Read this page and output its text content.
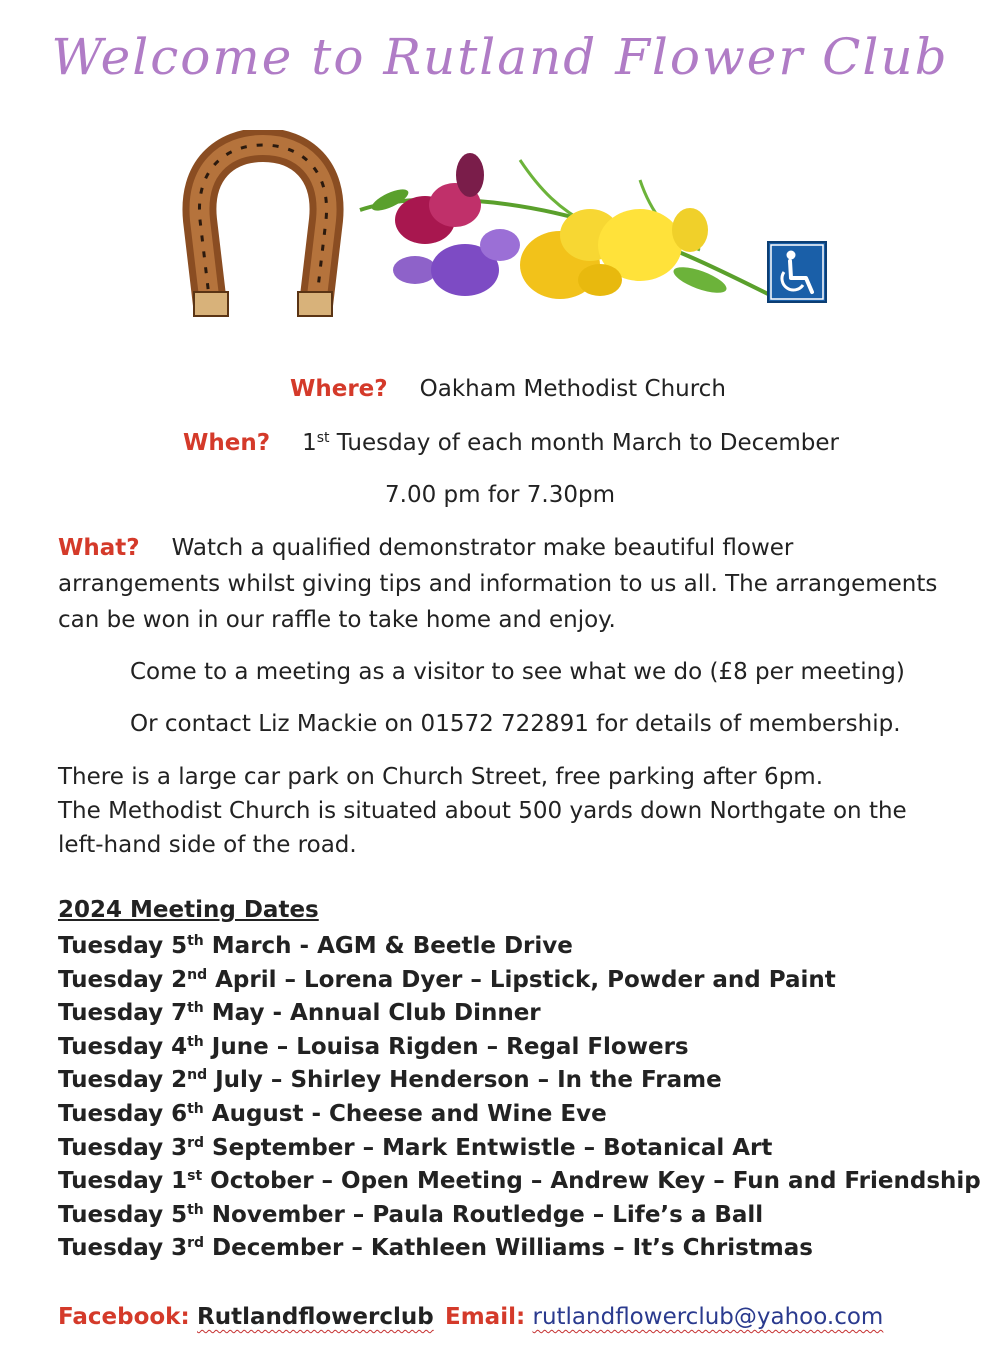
Welcome to Rutland Flower Club

Where? Oakham Methodist Church

When? 1st Tuesday of each month March to December

7.00 pm for 7.30pm

What? Watch a qualified demonstrator make beautiful flower arrangements whilst giving tips and information to us all. The arrangements can be won in our raffle to take home and enjoy.

Come to a meeting as a visitor to see what we do (£8 per meeting)

Or contact Liz Mackie on 01572 722891 for details of membership.

There is a large car park on Church Street, free parking after 6pm.
The Methodist Church is situated about 500 yards down Northgate on the left-hand side of the road.

2024 Meeting Dates

Tuesday 5th March - AGM & Beetle Drive
Tuesday 2nd April – Lorena Dyer – Lipstick, Powder and Paint
Tuesday 7th May - Annual Club Dinner
Tuesday 4th June – Louisa Rigden – Regal Flowers
Tuesday 2nd July – Shirley Henderson – In the Frame
Tuesday 6th August - Cheese and Wine Eve
Tuesday 3rd September – Mark Entwistle – Botanical Art
Tuesday 1st October – Open Meeting – Andrew Key – Fun and Friendship
Tuesday 5th November – Paula Routledge – Life’s a Ball
Tuesday 3rd December – Kathleen Williams – It’s Christmas

Facebook: Rutlandflowerclub Email: rutlandflowerclub@yahoo.com
